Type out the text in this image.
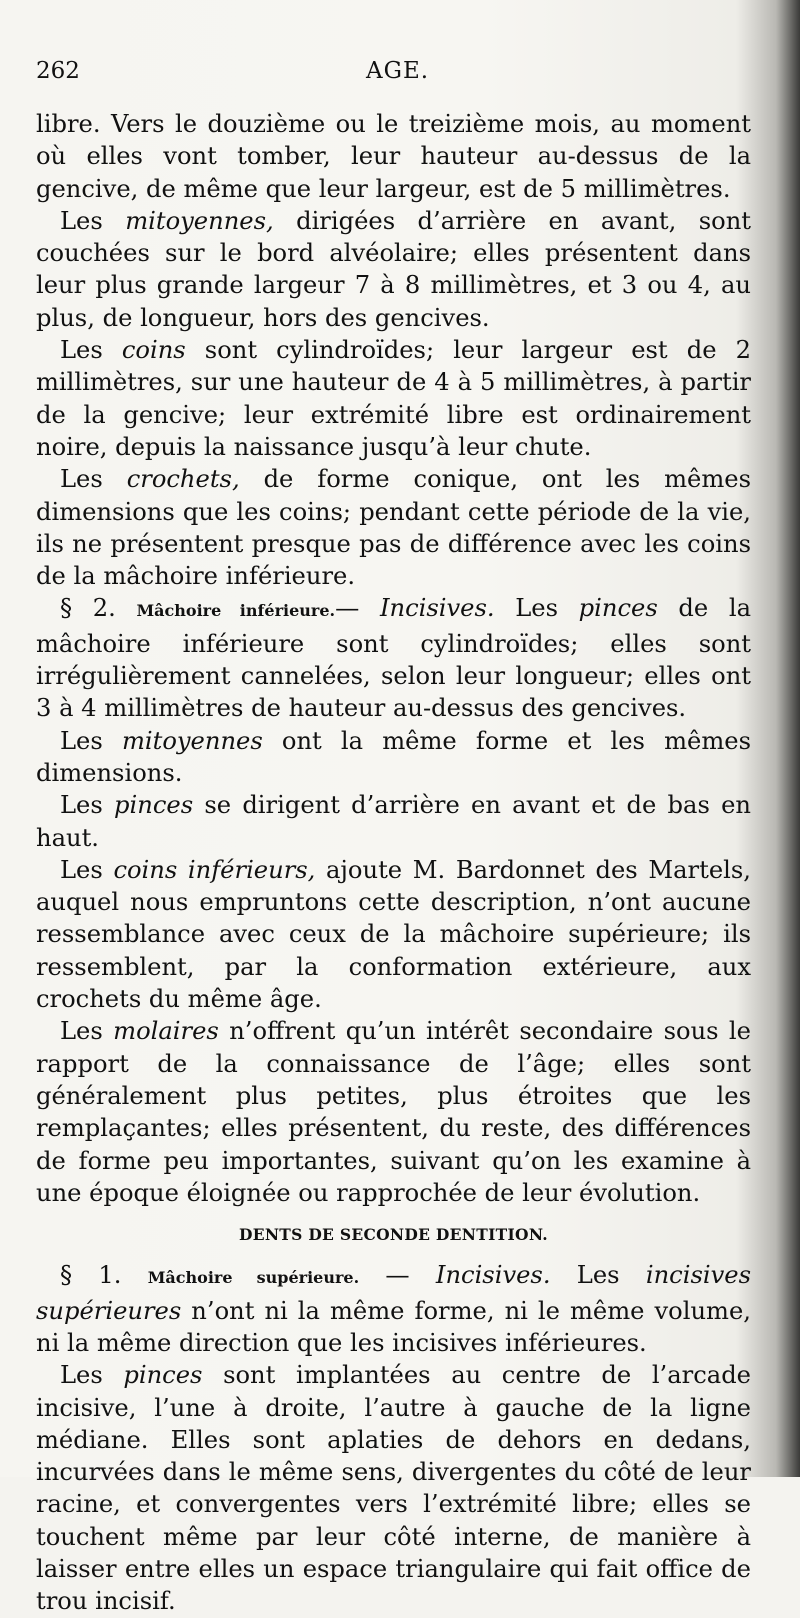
262	AGE.

libre. Vers le douzième ou le treizième mois, au moment où elles vont tomber, leur hauteur au-dessus de la gencive, de même que leur largeur, est de 5 millimètres.

Les mitoyennes, dirigées d’arrière en avant, sont couchées sur le bord alvéolaire; elles présentent dans leur plus grande largeur 7 à 8 millimètres, et 3 ou 4, au plus, de longueur, hors des gencives.

Les coins sont cylindroïdes; leur largeur est de 2 millimètres, sur une hauteur de 4 à 5 millimètres, à partir de la gencive; leur extrémité libre est ordinairement noire, depuis la naissance jusqu’à leur chute.

Les crochets, de forme conique, ont les mêmes dimensions que les coins; pendant cette période de la vie, ils ne présentent presque pas de différence avec les coins de la mâchoire inférieure.

§ 2. Mâchoire inférieure.— Incisives. Les pinces de la mâchoire inférieure sont cylindroïdes; elles sont irrégulièrement cannelées, selon leur longueur; elles ont 3 à 4 millimètres de hauteur au-dessus des gencives.

Les mitoyennes ont la même forme et les mêmes dimensions.

Les pinces se dirigent d’arrière en avant et de bas en haut.

Les coins inférieurs, ajoute M. Bardonnet des Martels, auquel nous empruntons cette description, n’ont aucune ressemblance avec ceux de la mâchoire supérieure; ils ressemblent, par la conformation extérieure, aux crochets du même âge.

Les molaires n’offrent qu’un intérêt secondaire sous le rapport de la connaissance de l’âge; elles sont généralement plus petites, plus étroites que les remplaçantes; elles présentent, du reste, des différences de forme peu importantes, suivant qu’on les examine à une époque éloignée ou rapprochée de leur évolution.

DENTS DE SECONDE DENTITION.

§ 1. Mâchoire supérieure. — Incisives. Les incisives supérieures n’ont ni la même forme, ni le même volume, ni la même direction que les incisives inférieures.

Les pinces sont implantées au centre de l’arcade incisive, l’une à droite, l’autre à gauche de la ligne médiane. Elles sont aplaties de dehors en dedans, incurvées dans le même sens, divergentes du côté de leur racine, et convergentes vers l’extrémité libre; elles se touchent même par leur côté interne, de manière à laisser entre elles un espace triangulaire qui fait office de trou incisif.
